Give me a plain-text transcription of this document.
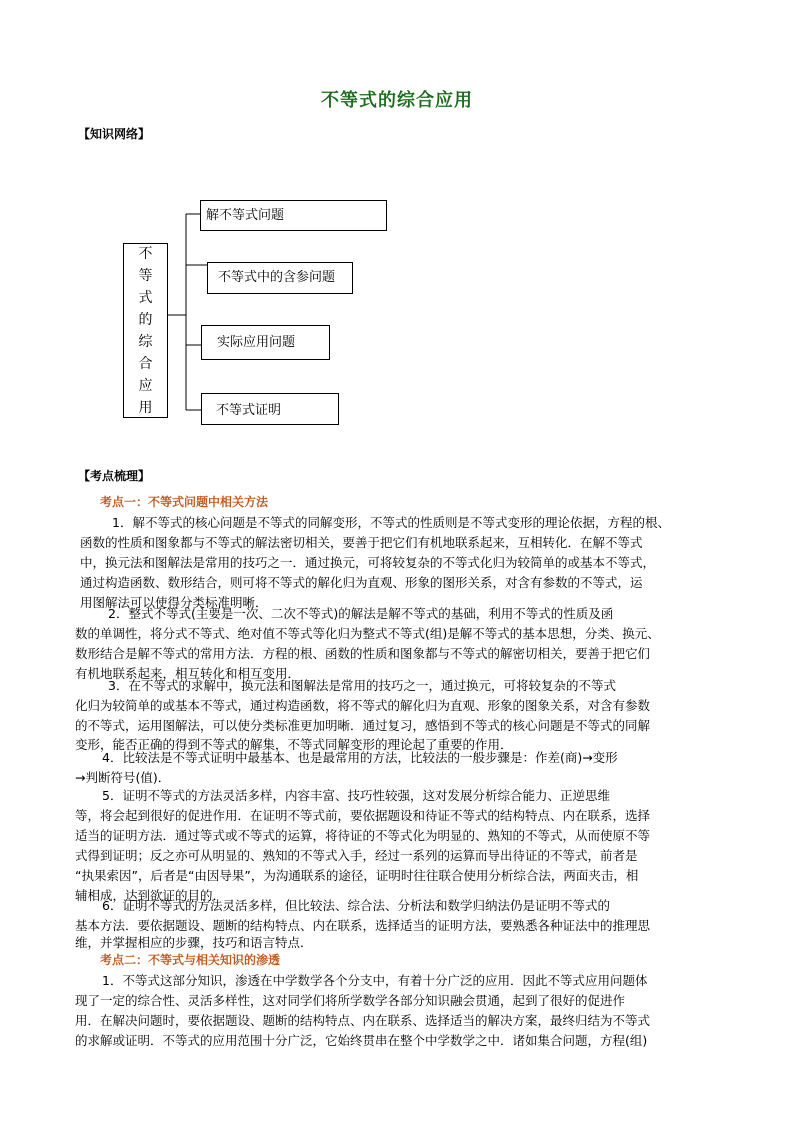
不等式的综合应用
【知识网络】
不
等
式
的
综
合
应
用
解不等式问题
不等式中的含参问题
实际应用问题
不等式证明
【考点梳理】
考点一：不等式问题中相关方法
1．解不等式的核心问题是不等式的同解变形，不等式的性质则是不等式变形的理论依据，方程的根、
函数的性质和图象都与不等式的解法密切相关，要善于把它们有机地联系起来，互相转化．在解不等式
中，换元法和图解法是常用的技巧之一．通过换元，可将较复杂的不等式化归为较简单的或基本不等式，
通过构造函数、数形结合，则可将不等式的解化归为直观、形象的图形关系，对含有参数的不等式，运
用图解法可以使得分类标准明晰．
2．整式不等式(主要是一次、二次不等式)的解法是解不等式的基础，利用不等式的性质及函
数的单调性，将分式不等式、绝对值不等式等化归为整式不等式(组)是解不等式的基本思想，分类、换元、
数形结合是解不等式的常用方法．方程的根、函数的性质和图象都与不等式的解密切相关，要善于把它们
有机地联系起来，相互转化和相互变用．
3．在不等式的求解中，换元法和图解法是常用的技巧之一，通过换元，可将较复杂的不等式
化归为较简单的或基本不等式，通过构造函数，将不等式的解化归为直观、形象的图象关系，对含有参数
的不等式，运用图解法，可以使分类标准更加明晰．通过复习，感悟到不等式的核心问题是不等式的同解
变形，能否正确的得到不等式的解集，不等式同解变形的理论起了重要的作用．
4．比较法是不等式证明中最基本、也是最常用的方法，比较法的一般步骤是：作差(商)→变形
→判断符号(值)．
5．证明不等式的方法灵活多样，内容丰富、技巧性较强，这对发展分析综合能力、正逆思维
等，将会起到很好的促进作用．在证明不等式前，要依据题设和待证不等式的结构特点、内在联系，选择
适当的证明方法．通过等式或不等式的运算，将待证的不等式化为明显的、熟知的不等式，从而使原不等
式得到证明；反之亦可从明显的、熟知的不等式入手，经过一系列的运算而导出待证的不等式，前者是
“执果索因”，后者是“由因导果”，为沟通联系的途径，证明时往往联合使用分析综合法，两面夹击，相
辅相成，达到欲证的目的．
6．证明不等式的方法灵活多样，但比较法、综合法、分析法和数学归纳法仍是证明不等式的
基本方法．要依据题设、题断的结构特点、内在联系，选择适当的证明方法，要熟悉各种证法中的推理思
维，并掌握相应的步骤，技巧和语言特点．
考点二：不等式与相关知识的渗透
1．不等式这部分知识，渗透在中学数学各个分支中，有着十分广泛的应用．因此不等式应用问题体
现了一定的综合性、灵活多样性，这对同学们将所学数学各部分知识融会贯通，起到了很好的促进作
用．在解决问题时，要依据题设、题断的结构特点、内在联系、选择适当的解决方案，最终归结为不等式
的求解或证明．不等式的应用范围十分广泛，它始终贯串在整个中学数学之中．诸如集合问题，方程(组)
